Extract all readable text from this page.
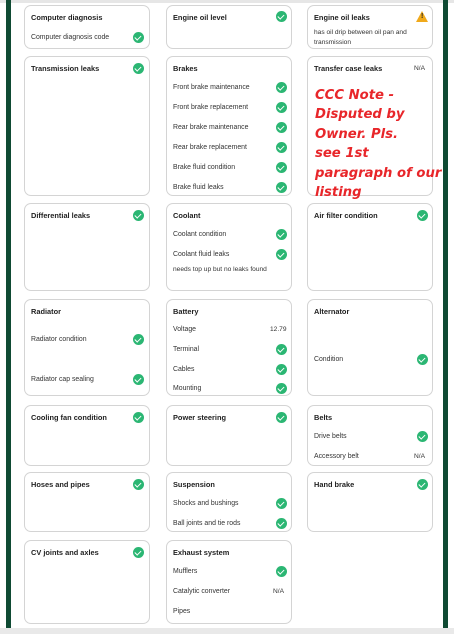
Computer diagnosis
Computer diagnosis code
Engine oil level	Engine oil leaks	!
has oil drip between oil pan and transmission
Transmission leaks	Brakes
Front brake maintenance
Front brake replacement
Rear brake maintenance
Rear brake replacement
Brake fluid condition
Brake fluid leaks
Transfer case leaks	N/A
Differential leaks	Coolant
Coolant condition
Coolant fluid leaks
needs top up but no leaks found
Air filter condition
Radiator
Radiator condition
Radiator cap sealing
Battery
Voltage	12.79
Terminal
Cables
Mounting
Alternator
Condition
Cooling fan condition	Power steering	Belts
Drive belts
Accessory belt	N/A
Hoses and pipes	Suspension
Shocks and bushings
Ball joints and tie rods
Hand brake
CV joints and axles	Exhaust system
Mufflers
Catalytic converter	N/A
Pipes
CCC Note -
Disputed by
Owner. Pls.
see 1st
paragraph of our
listing
